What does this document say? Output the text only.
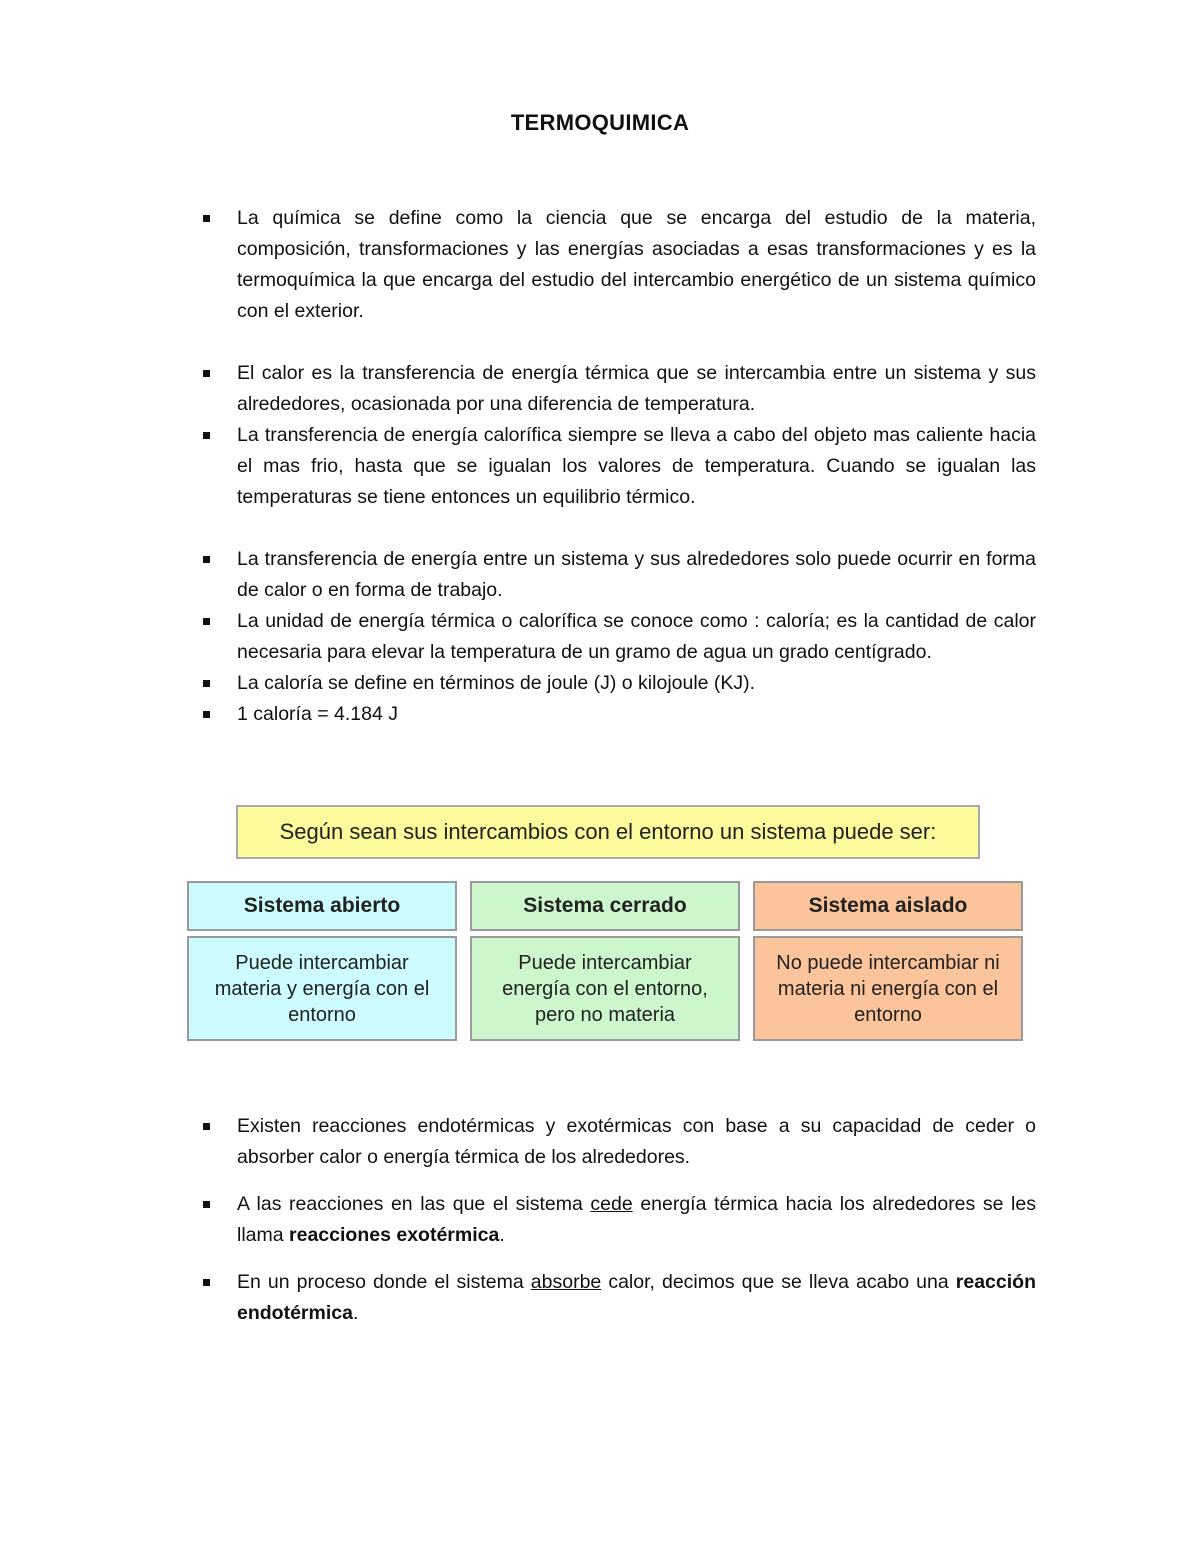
TERMOQUIMICA
La química se define como la ciencia que se encarga del estudio de la materia, composición, transformaciones y las energías asociadas a esas transformaciones y es la termoquímica la que encarga del estudio del intercambio energético de un sistema químico con el exterior.
El calor es la transferencia de energía térmica que se intercambia entre un sistema y sus alrededores, ocasionada por una diferencia de temperatura.
La transferencia de energía calorífica siempre se lleva a cabo del objeto mas caliente hacia el mas frio, hasta que se igualan los valores de temperatura. Cuando se igualan las temperaturas se tiene entonces un equilibrio térmico.
La transferencia de energía entre un sistema y sus alrededores solo puede ocurrir en forma de calor o en forma de trabajo.
La unidad de energía térmica o calorífica se conoce como : caloría; es la cantidad de calor necesaria para elevar la temperatura de un gramo de agua un grado centígrado.
La caloría se define en términos de joule (J) o kilojoule (KJ).
1 caloría = 4.184 J
Según sean sus intercambios con el entorno un sistema puede ser:
Sistema abierto
Puede intercambiar materia y energía con el entorno
Sistema cerrado
Puede intercambiar energía con el entorno, pero no materia
Sistema aislado
No puede intercambiar ni materia ni energía con el entorno
Existen reacciones endotérmicas y exotérmicas con base a su capacidad de ceder o absorber calor o energía térmica de los alrededores.
A las reacciones en las que el sistema cede energía térmica hacia los alrededores se les llama reacciones exotérmica.
En un proceso donde el sistema absorbe calor, decimos que se lleva acabo una reacción endotérmica.
